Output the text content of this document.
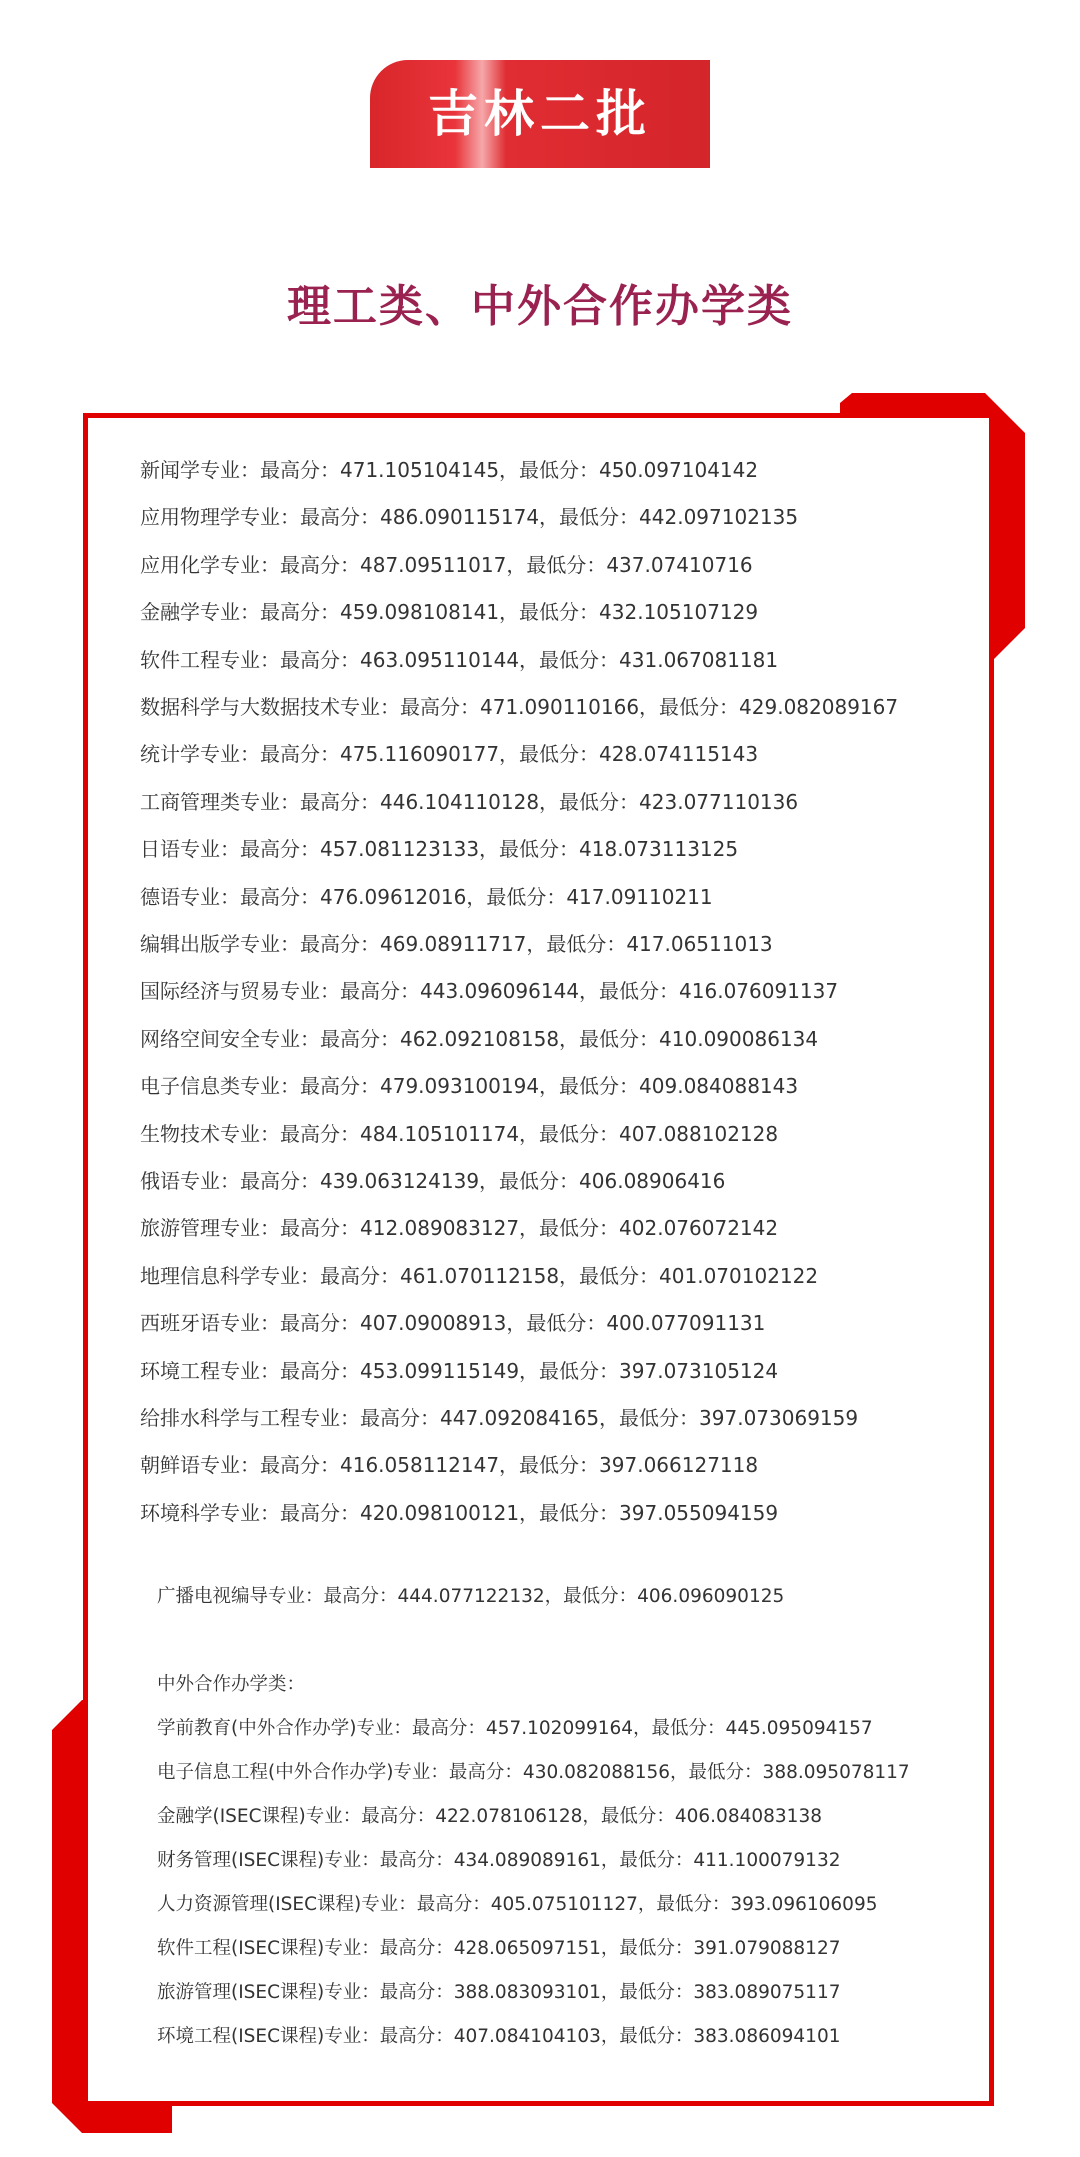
吉林二批
理工类、中外合作办学类
新闻学专业：最高分：471.105104145，最低分：450.097104142
应用物理学专业：最高分：486.090115174，最低分：442.097102135
应用化学专业：最高分：487.09511017，最低分：437.07410716
金融学专业：最高分：459.098108141，最低分：432.105107129
软件工程专业：最高分：463.095110144，最低分：431.067081181
数据科学与大数据技术专业：最高分：471.090110166，最低分：429.082089167
统计学专业：最高分：475.116090177，最低分：428.074115143
工商管理类专业：最高分：446.104110128，最低分：423.077110136
日语专业：最高分：457.081123133，最低分：418.073113125
德语专业：最高分：476.09612016，最低分：417.09110211
编辑出版学专业：最高分：469.08911717，最低分：417.06511013
国际经济与贸易专业：最高分：443.096096144，最低分：416.076091137
网络空间安全专业：最高分：462.092108158，最低分：410.090086134
电子信息类专业：最高分：479.093100194，最低分：409.084088143
生物技术专业：最高分：484.105101174，最低分：407.088102128
俄语专业：最高分：439.063124139，最低分：406.08906416
旅游管理专业：最高分：412.089083127，最低分：402.076072142
地理信息科学专业：最高分：461.070112158，最低分：401.070102122
西班牙语专业：最高分：407.09008913，最低分：400.077091131
环境工程专业：最高分：453.099115149，最低分：397.073105124
给排水科学与工程专业：最高分：447.092084165，最低分：397.073069159
朝鲜语专业：最高分：416.058112147，最低分：397.066127118
环境科学专业：最高分：420.098100121，最低分：397.055094159
广播电视编导专业：最高分：444.077122132，最低分：406.096090125
中外合作办学类：
学前教育(中外合作办学)专业：最高分：457.102099164，最低分：445.095094157
电子信息工程(中外合作办学)专业：最高分：430.082088156，最低分：388.095078117
金融学(ISEC课程)专业：最高分：422.078106128，最低分：406.084083138
财务管理(ISEC课程)专业：最高分：434.089089161，最低分：411.100079132
人力资源管理(ISEC课程)专业：最高分：405.075101127，最低分：393.096106095
软件工程(ISEC课程)专业：最高分：428.065097151，最低分：391.079088127
旅游管理(ISEC课程)专业：最高分：388.083093101，最低分：383.089075117
环境工程(ISEC课程)专业：最高分：407.084104103，最低分：383.086094101
